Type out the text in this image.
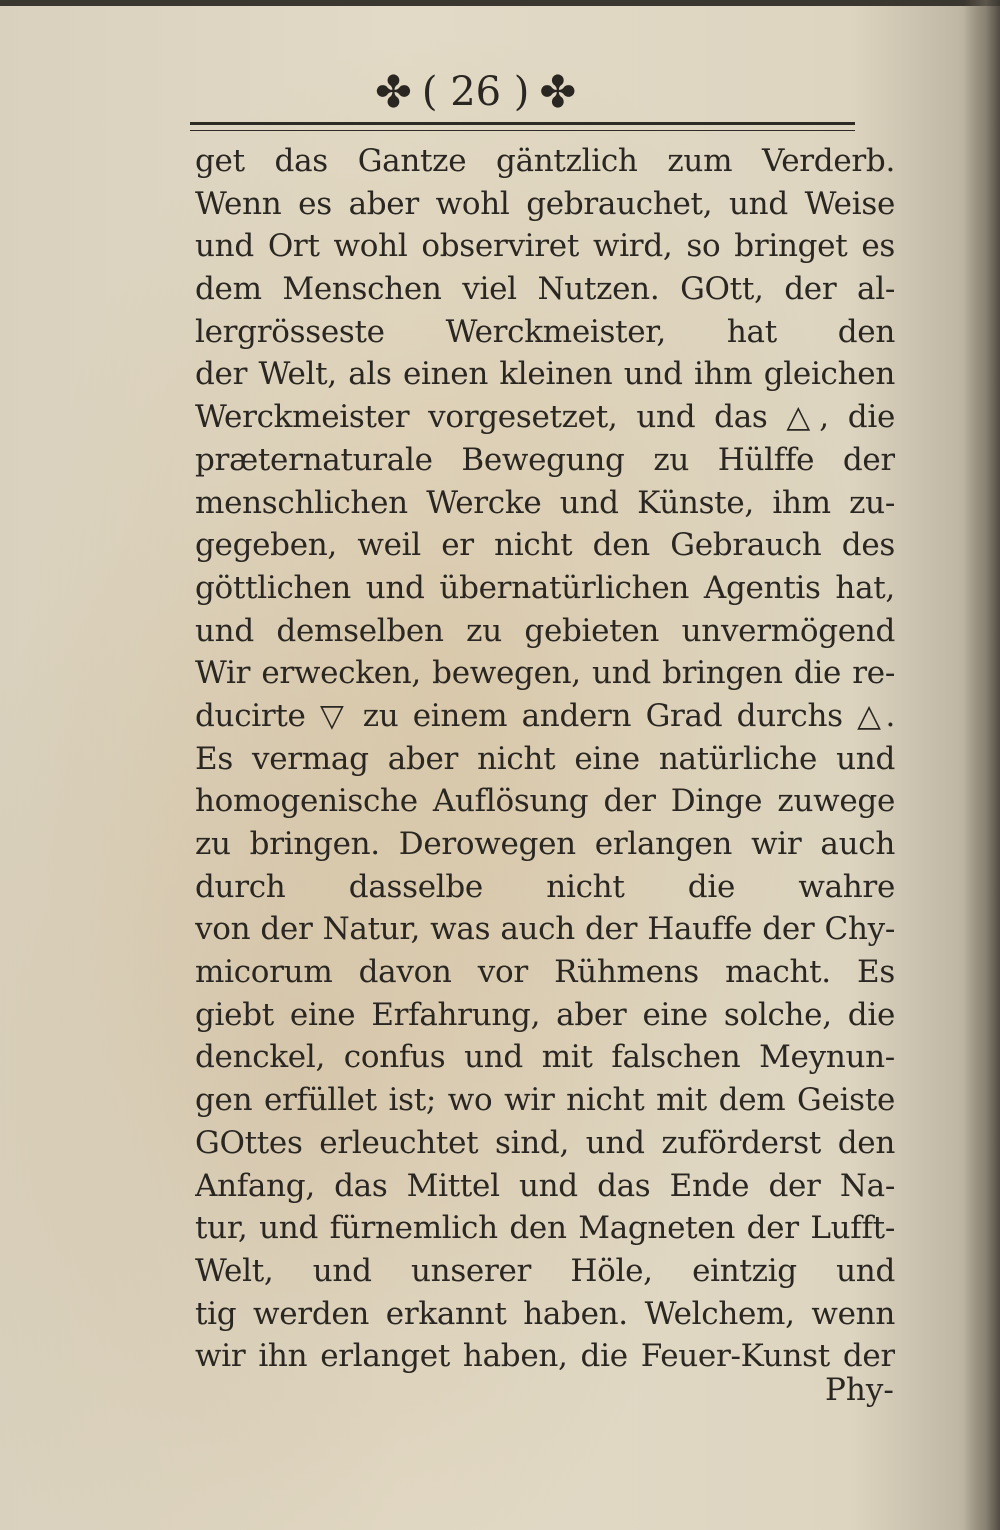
✤ ( 26 ) ✤
get das Gantze gäntzlich zum Verderb.
Wenn es aber wohl gebrauchet, und Weise
und Ort wohl observiret wird, so bringet es
dem Menschen viel Nutzen. GOtt, der al-
lergrösseste Werckmeister, hat den
der Welt, als einen kleinen und ihm gleichen
Werckmeister vorgesetzet, und das △, die
præternaturale Bewegung zu Hülffe der
menschlichen Wercke und Künste, ihm zu-
gegeben, weil er nicht den Gebrauch des
göttlichen und übernatürlichen Agentis hat,
und demselben zu gebieten unvermögend
Wir erwecken, bewegen, und bringen die re-
ducirte ▽ zu einem andern Grad durchs △.
Es vermag aber nicht eine natürliche und
homogenische Auflösung der Dinge zuwege
zu bringen. Derowegen erlangen wir auch
durch dasselbe nicht die wahre
von der Natur, was auch der Hauffe der Chy-
micorum davon vor Rühmens macht. Es
giebt eine Erfahrung, aber eine solche, die
denckel, confus und mit falschen Meynun-
gen erfüllet ist; wo wir nicht mit dem Geiste
GOttes erleuchtet sind, und zuförderst den
Anfang, das Mittel und das Ende der Na-
tur, und fürnemlich den Magneten der Lufft-
Welt, und unserer Höle, eintzig und
tig werden erkannt haben. Welchem, wenn
wir ihn erlanget haben, die Feuer-Kunst der
Phy-
